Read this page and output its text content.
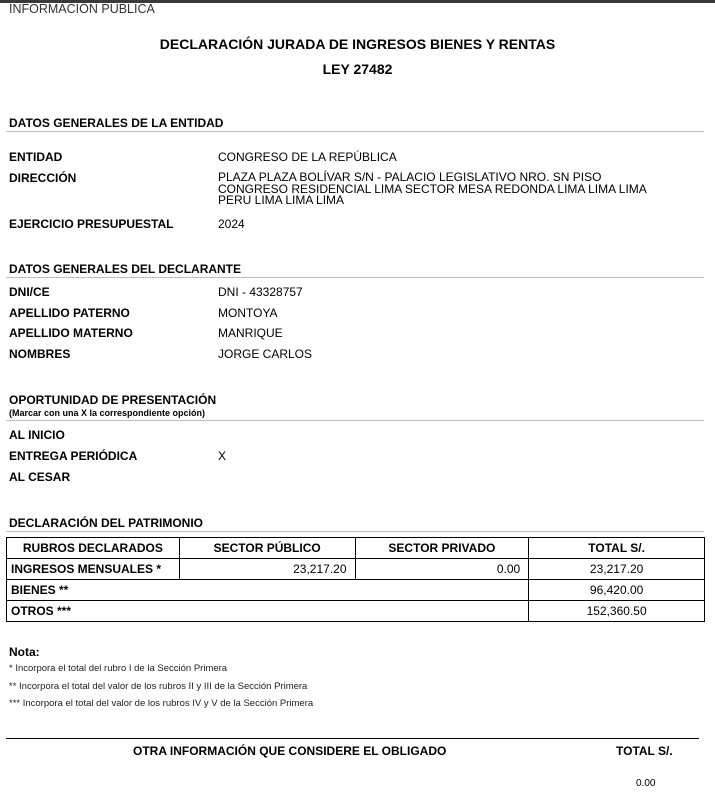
INFORMACIÓN PÚBLICA
DECLARACIÓN JURADA DE INGRESOS BIENES Y RENTAS
LEY 27482
DATOS GENERALES DE LA ENTIDAD
ENTIDAD	CONGRESO DE LA REPÚBLICA
DIRECCIÓN	PLAZA PLAZA BOLÍVAR S/N - PALACIO LEGISLATIVO NRO. SN PISO
CONGRESO RESIDENCIAL LIMA SECTOR MESA REDONDA LIMA LIMA LIMA
PERU LIMA LIMA LIMA
EJERCICIO PRESUPUESTAL	2024
DATOS GENERALES DEL DECLARANTE
DNI/CE	DNI - 43328757
APELLIDO PATERNO	MONTOYA
APELLIDO MATERNO	MANRIQUE
NOMBRES	JORGE CARLOS
OPORTUNIDAD DE PRESENTACIÓN
(Marcar con una X la correspondiente opción)
AL INICIO
ENTREGA PERIÓDICA	X
AL CESAR
DECLARACIÓN DEL PATRIMONIO
RUBROS DECLARADOS	SECTOR PÚBLICO	SECTOR PRIVADO	TOTAL S/.
INGRESOS MENSUALES *	23,217.20	0.00	23,217.20
BIENES **			96,420.00
OTROS ***			152,360.50
Nota:
* Incorpora el total del rubro I de la Sección Primera
** Incorpora el total del valor de los rubros II y III de la Sección Primera
*** Incorpora el total del valor de los rubros IV y V de la Sección Primera
OTRA INFORMACIÓN QUE CONSIDERE EL OBLIGADO	TOTAL S/.
0.00
